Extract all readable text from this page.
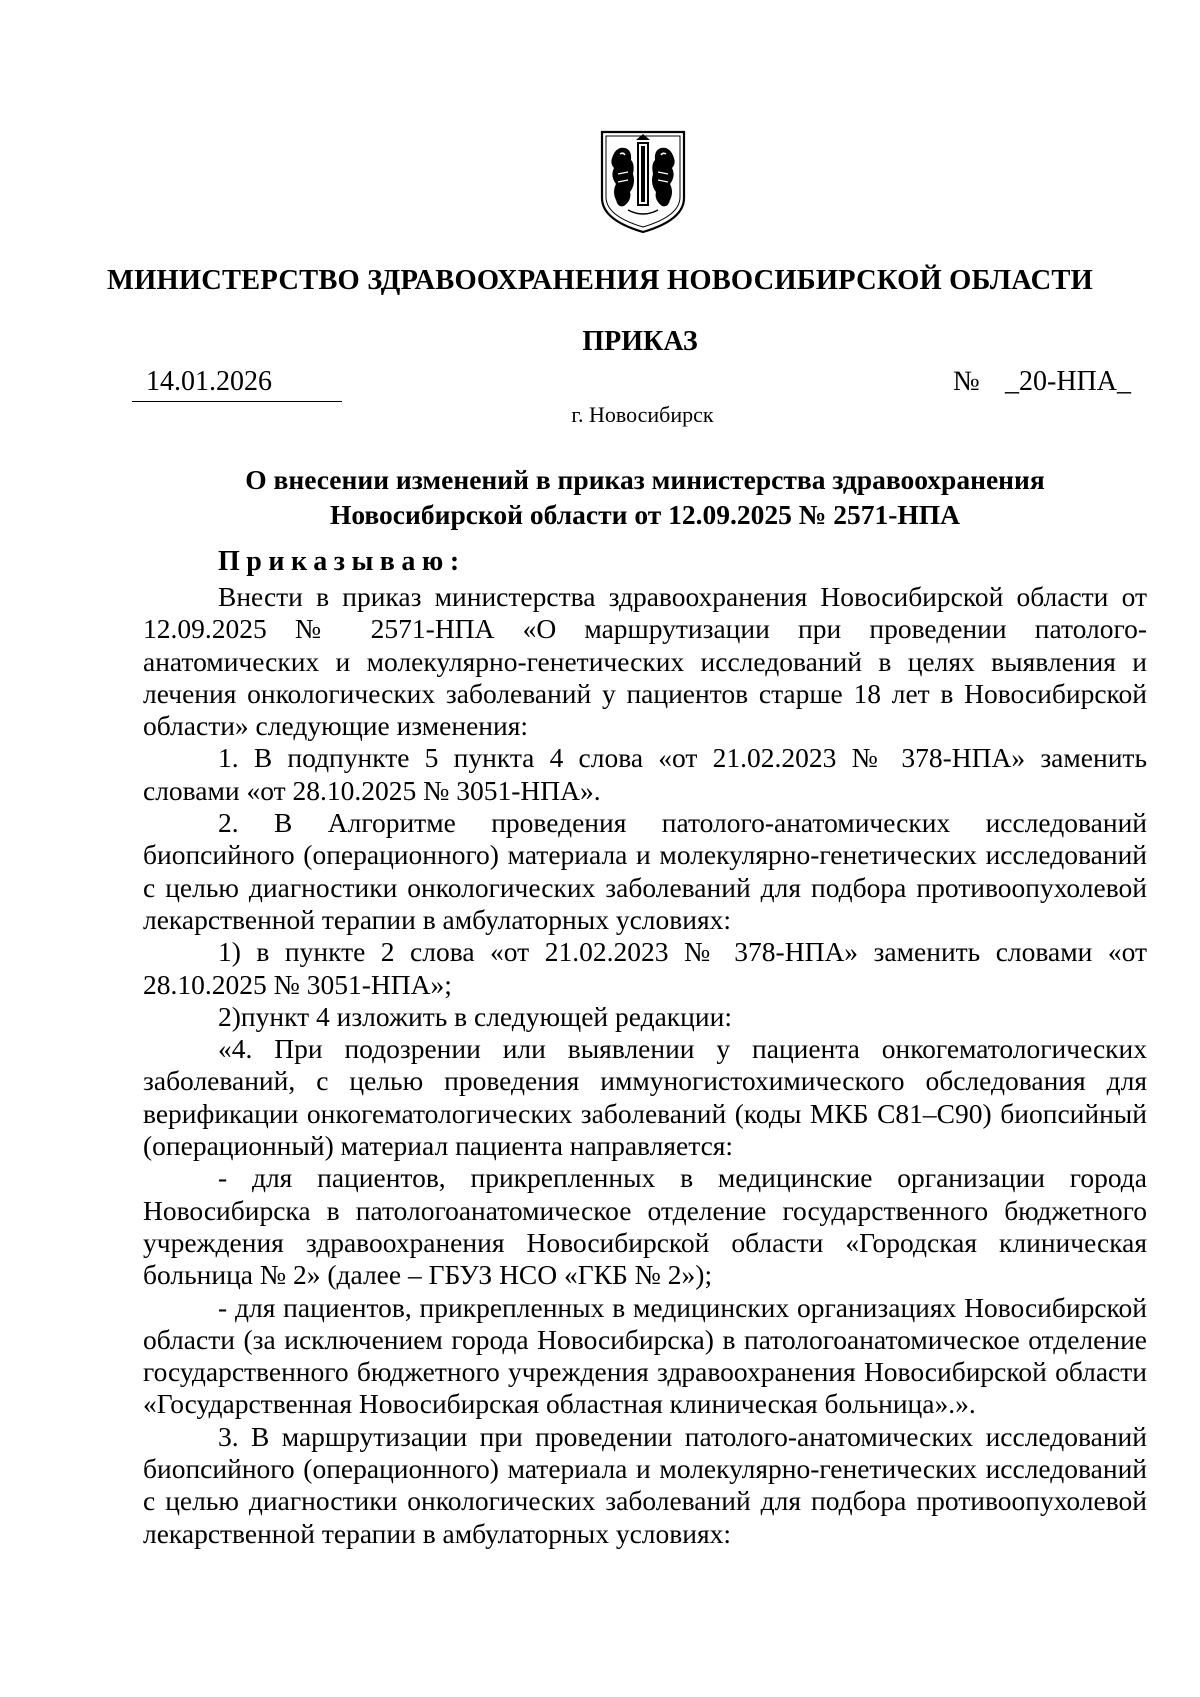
МИНИСТЕРСТВО ЗДРАВООХРАНЕНИЯ НОВОСИБИРСКОЙ ОБЛАСТИ
ПРИКАЗ
14.01.2026	№ _20-НПА_
г. Новосибирск
О внесении изменений в приказ министерства здравоохранения
Новосибирской области от 12.09.2025 № 2571-НПА
Приказываю:

Внести в приказ министерства здравоохранения Новосибирской области от 12.09.2025 № 2571-НПА «О маршрутизации при проведении патолого-анатомических и молекулярно-генетических исследований в целях выявления и лечения онкологических заболеваний у пациентов старше 18 лет в Новосибирской области» следующие изменения:

1. В подпункте 5 пункта 4 слова «от 21.02.2023 № 378-НПА» заменить словами «от 28.10.2025 № 3051-НПА».

2. В Алгоритме проведения патолого-анатомических исследований биопсийного (операционного) материала и молекулярно-генетических исследований с целью диагностики онкологических заболеваний для подбора противоопухолевой лекарственной терапии в амбулаторных условиях:

1) в пункте 2 слова «от 21.02.2023 № 378-НПА» заменить словами «от 28.10.2025 № 3051-НПА»;

2)пункт 4 изложить в следующей редакции:

«4. При подозрении или выявлении у пациента онкогематологических заболеваний, с целью проведения иммуногистохимического обследования для верификации онкогематологических заболеваний (коды МКБ C81–C90) биопсийный (операционный) материал пациента направляется:

- для пациентов, прикрепленных в медицинские организации города Новосибирска в патологоанатомическое отделение государственного бюджетного учреждения здравоохранения Новосибирской области «Городская клиническая больница № 2» (далее – ГБУЗ НСО «ГКБ № 2»);

- для пациентов, прикрепленных в медицинских организациях Новосибирской области (за исключением города Новосибирска) в патологоанатомическое отделение государственного бюджетного учреждения здравоохранения Новосибирской области «Государственная Новосибирская областная клиническая больница».».

3. В маршрутизации при проведении патолого-анатомических исследований биопсийного (операционного) материала и молекулярно-генетических исследований с целью диагностики онкологических заболеваний для подбора противоопухолевой лекарственной терапии в амбулаторных условиях:
